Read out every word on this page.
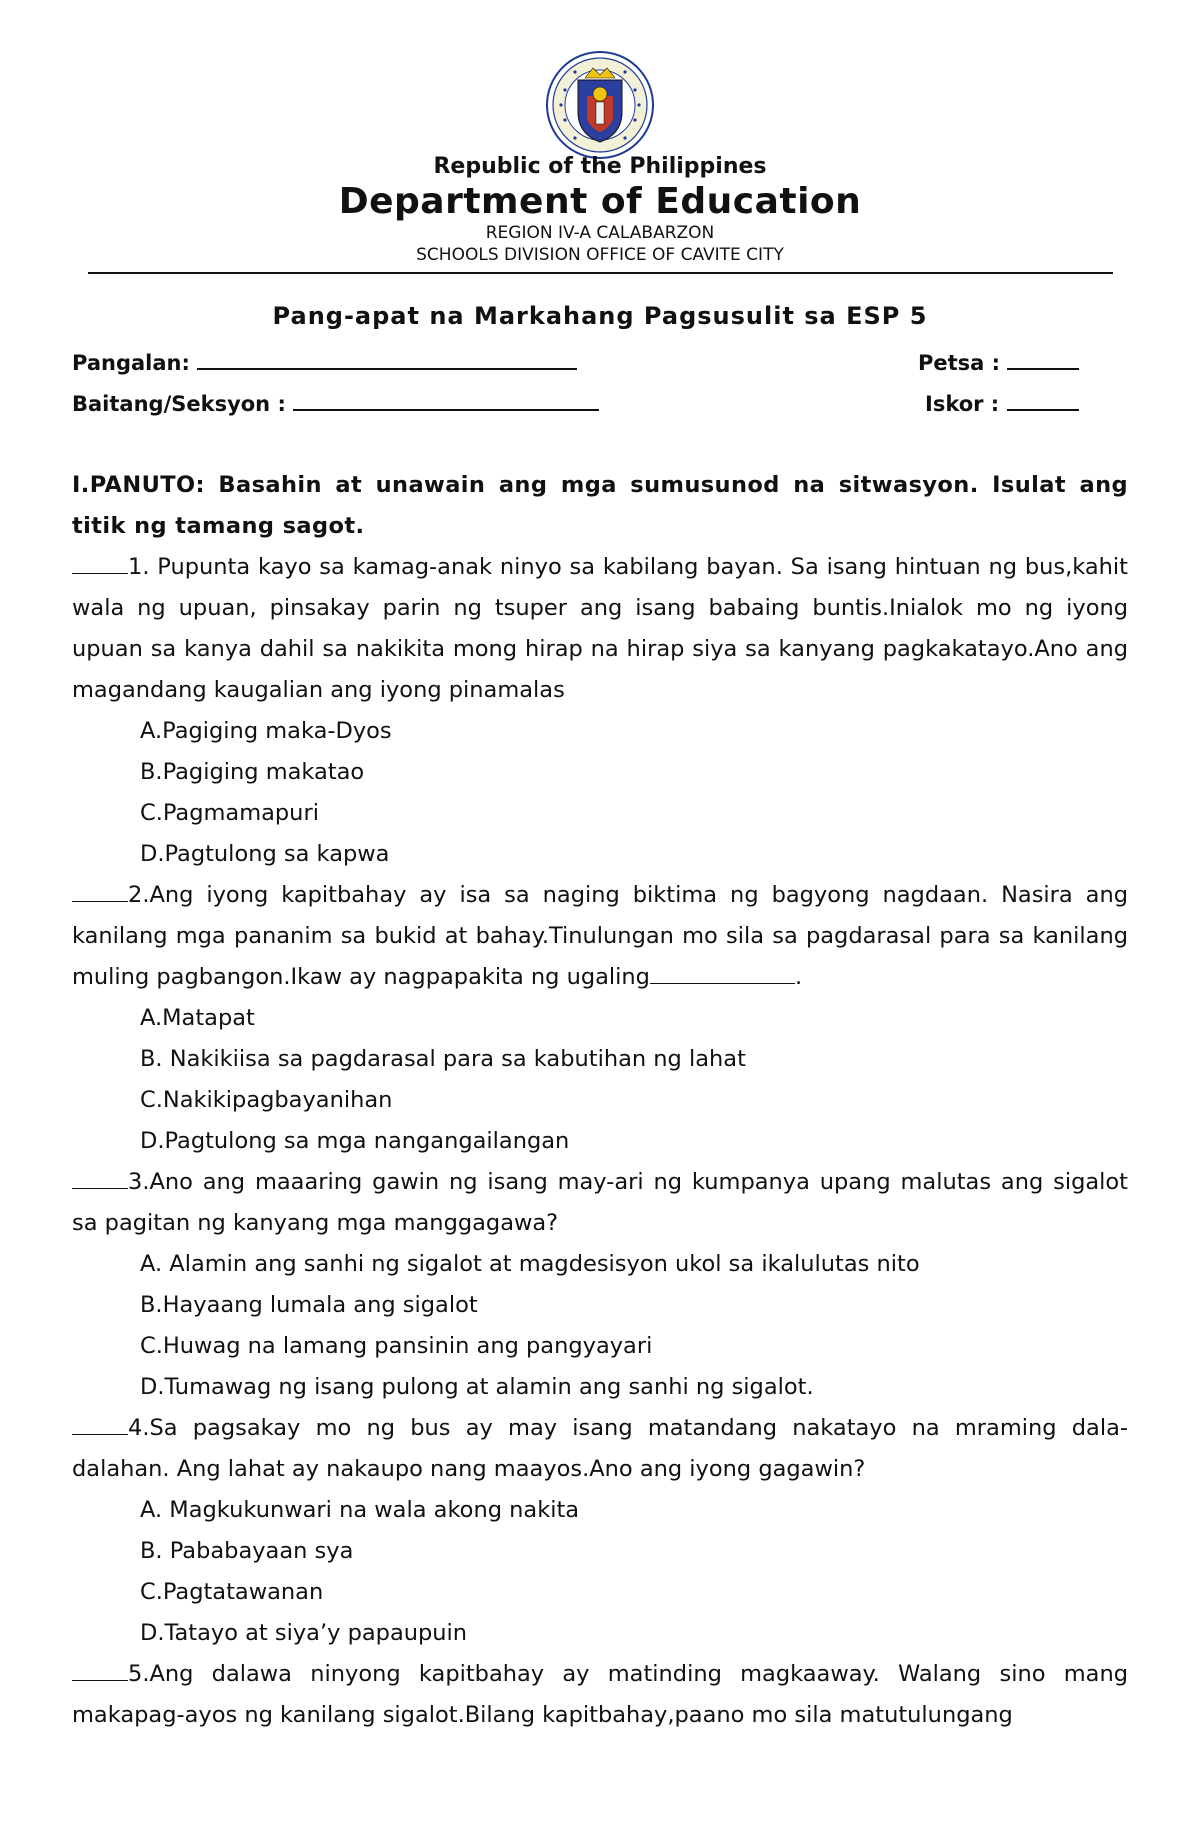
Republic of the Philippines
Department of Education
REGION IV-A CALABARZON
SCHOOLS DIVISION OFFICE OF CAVITE CITY
Pang-apat na Markahang Pagsusulit sa ESP 5
Pangalan:	Petsa :
Baitang/Seksyon :	Iskor :

I.PANUTO: Basahin at unawain ang mga sumusunod na sitwasyon. Isulat ang titik ng tamang sagot.

1. Pupunta kayo sa kamag-anak ninyo sa kabilang bayan. Sa isang hintuan ng bus,kahit wala ng upuan, pinsakay parin ng tsuper ang isang babaing buntis.Inialok mo ng iyong upuan sa kanya dahil sa nakikita mong hirap na hirap siya sa kanyang pagkakatayo.Ano ang magandang kaugalian ang iyong pinamalas

A.Pagiging maka-Dyos

B.Pagiging makatao

C.Pagmamapuri

D.Pagtulong sa kapwa

2.Ang iyong kapitbahay ay isa sa naging biktima ng bagyong nagdaan. Nasira ang kanilang mga pananim sa bukid at bahay.Tinulungan mo sila sa pagdarasal para sa kanilang muling pagbangon.Ikaw ay nagpapakita ng ugaling	.

A.Matapat

B. Nakikiisa sa pagdarasal para sa kabutihan ng lahat

C.Nakikipagbayanihan

D.Pagtulong sa mga nangangailangan

3.Ano ang maaaring gawin ng isang may-ari ng kumpanya upang malutas ang sigalot sa pagitan ng kanyang mga manggagawa?

A. Alamin ang sanhi ng sigalot at magdesisyon ukol sa ikalulutas nito

B.Hayaang lumala ang sigalot

C.Huwag na lamang pansinin ang pangyayari

D.Tumawag ng isang pulong at alamin ang sanhi ng sigalot.

4.Sa pagsakay mo ng bus ay may isang matandang nakatayo na mraming dala-dalahan. Ang lahat ay nakaupo nang maayos.Ano ang iyong gagawin?

A. Magkukunwari na wala akong nakita

B. Pababayaan sya

C.Pagtatawanan

D.Tatayo at siya’y papaupuin

5.Ang dalawa ninyong kapitbahay ay matinding magkaaway. Walang sino mang makapag-ayos ng kanilang sigalot.Bilang kapitbahay,paano mo sila matutulungang
